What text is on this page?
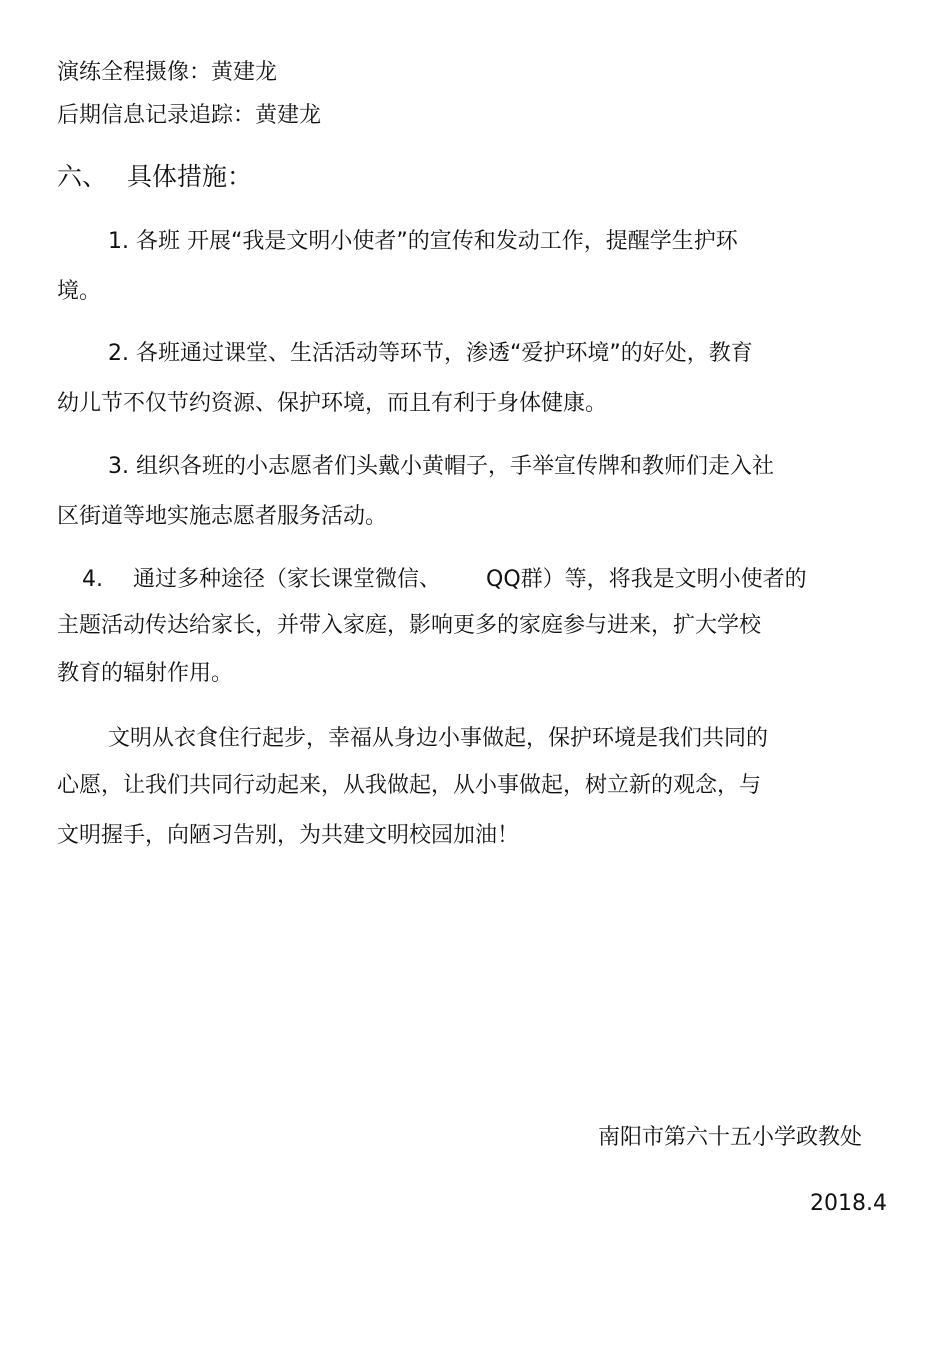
演练全程摄像：黄建龙
后期信息记录追踪：黄建龙
六、 具体措施：
1. 各班 开展“我是文明小使者”的宣传和发动工作，提醒学生护环
境。
2. 各班通过课堂、生活活动等环节，渗透“爱护环境”的好处，教育
幼儿节不仅节约资源、保护环境，而且有利于身体健康。
3. 组织各班的小志愿者们头戴小黄帽子，手举宣传牌和教师们走入社
区街道等地实施志愿者服务活动。
4. 通过多种途径（家长课堂微信、 QQ群）等，将我是文明小使者的
主题活动传达给家长，并带入家庭，影响更多的家庭参与进来，扩大学校
教育的辐射作用。
文明从衣食住行起步，幸福从身边小事做起，保护环境是我们共同的
心愿，让我们共同行动起来，从我做起，从小事做起，树立新的观念，与
文明握手，向陋习告别，为共建文明校园加油！
南阳市第六十五小学政教处
2018.4
